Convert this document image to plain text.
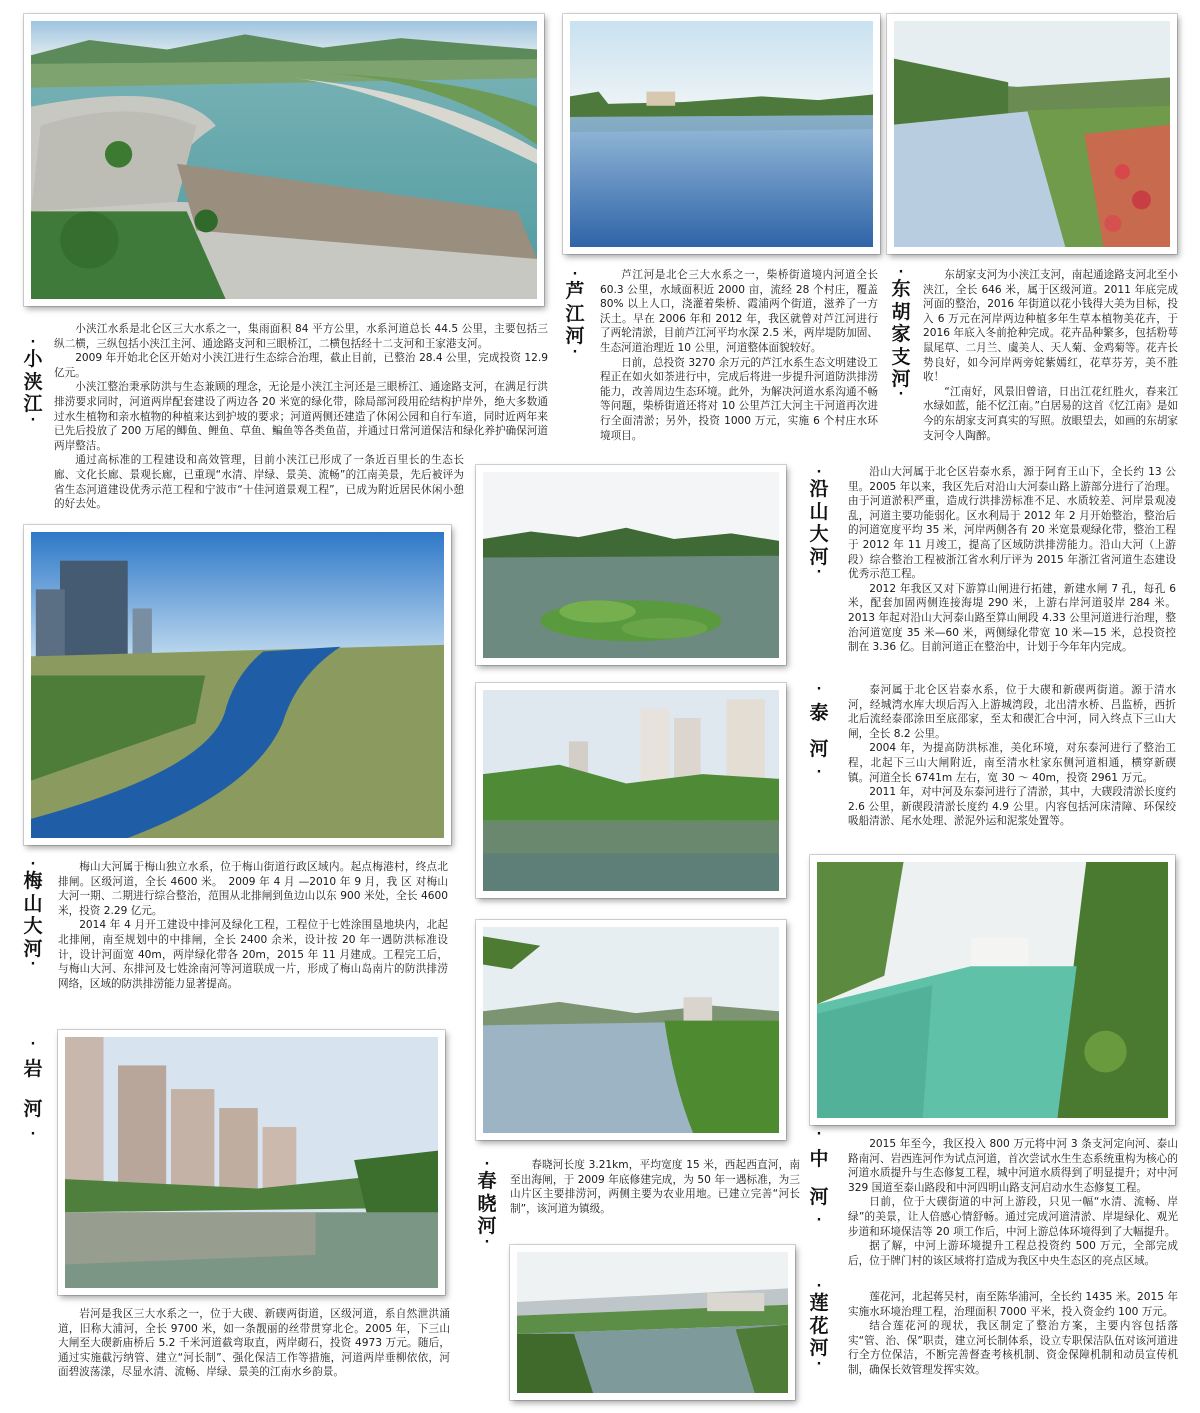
·
小浃江
·
·
芦江河
·
·
东胡家支河
·
·
沿山大河
·
·
泰河
·
·
梅山大河
·
·
岩河
·
·
春晓河
·
·
中河
·
·
莲花河
·

小浃江水系是北仑区三大水系之一，集雨面积 84 平方公里，水系河道总长 44.5 公里，主要包括三纵二横，三纵包括小浃江主河、通途路支河和三眼桥江，二横包括经十二支河和王家港支河。

2009 年开始北仑区开始对小浃江进行生态综合治理，截止目前，已整治 28.4 公里，完成投资 12.9 亿元。

小浃江整治秉承防洪与生态兼顾的理念，无论是小浃江主河还是三眼桥江、通途路支河，在满足行洪排涝要求同时，河道两岸配套建设了两边各 20 米宽的绿化带，除局部河段用砼结构护岸外，绝大多数通过水生植物和亲水植物的种植来达到护坡的要求；河道两侧还建造了休闲公园和自行车道，同时近两年来已先后投放了 200 万尾的鲫鱼、鲤鱼、草鱼、鳊鱼等各类鱼苗，并通过日常河道保洁和绿化养护确保河道两岸整洁。

通过高标准的工程建设和高效管理，目前小浃江已形成了一条近百里长的生态长廊、文化长廊、景观长廊，已重现“水清、岸绿、景美、流畅”的江南美景，先后被评为省生态河道建设优秀示范工程和宁波市“十佳河道景观工程”，已成为附近居民休闲小憩的好去处。

芦江河是北仑三大水系之一，柴桥街道境内河道全长 60.3 公里，水域面积近 2000 亩，流经 28 个村庄，覆盖 80% 以上人口，浇灌着柴桥、霞浦两个街道，滋养了一方沃土。早在 2006 年和 2012 年，我区就曾对芦江河进行了两轮清淤，目前芦江河平均水深 2.5 米，两岸堤防加固、生态河道治理近 10 公里，河道整体面貌较好。

日前，总投资 3270 余万元的芦江水系生态文明建设工程正在如火如荼进行中，完成后将进一步提升河道防洪排涝能力，改善周边生态环境。此外，为解决河道水系沟通不畅等问题，柴桥街道还将对 10 公里芦江大河主干河道再次进行全面清淤；另外，投资 1000 万元，实施 6 个村庄水环境项目。

东胡家支河为小浃江支河，南起通途路支河北至小浃江，全长 646 米，属于区级河道。2011 年底完成河面的整治，2016 年街道以花小钱得大美为目标，投入 6 万元在河岸两边种植多年生草本植物美花卉，于 2016 年底入冬前抢种完成。花卉品种繁多，包括粉萼鼠尾草、二月兰、虞美人、天人菊、金鸡菊等。花卉长势良好，如今河岸两旁姹紫嫣红，花草芬芳，美不胜收！

“江南好，风景旧曾谙，日出江花红胜火，春来江水绿如蓝，能不忆江南。”白居易的这首《忆江南》是如今的东胡家支河真实的写照。放眼望去，如画的东胡家支河令人陶醉。

沿山大河属于北仑区岩泰水系，源于阿育王山下，全长约 13 公里。2005 年以来，我区先后对沿山大河泰山路上游部分进行了治理。由于河道淤积严重，造成行洪排涝标准不足、水质较差、河岸景观凌乱，河道主要功能弱化。区水利局于 2012 年 2 月开始整治，整治后的河道宽度平均 35 米，河岸两侧各有 20 米宽景观绿化带，整治工程于 2012 年 11 月竣工，提高了区域防洪排涝能力。沿山大河（上游段）综合整治工程被浙江省水利厅评为 2015 年浙江省河道生态建设优秀示范工程。

2012 年我区又对下游算山闸进行拓建，新建水闸 7 孔，每孔 6 米，配套加固两侧连接海堤 290 米，上游右岸河道驳岸 284 米。2013 年起对沿山大河泰山路至算山闸段 4.33 公里河道进行治理，整治河道宽度 35 米—60 米，两侧绿化带宽 10 米—15 米，总投资控制在 3.36 亿。目前河道正在整治中，计划于今年年内完成。

泰河属于北仑区岩泰水系，位于大碶和新碶两街道。源于清水河，经城湾水库大坝后泻入上游城湾段，北出清水桥、吕监桥，西折北后流经泰邵涂田至底邵家，至太和碶汇合中河，同入终点下三山大闸，全长 8.2 公里。

2004 年，为提高防洪标准，美化环境，对东泰河进行了整治工程，北起下三山大闸附近，南至清水杜家东侧河道相通，横穿新碶镇。河道全长 6741m 左右，宽 30 ～ 40m，投资 2961 万元。

2011 年，对中河及东泰河进行了清淤，其中，大碶段清淤长度约 2.6 公里，新碶段清淤长度约 4.9 公里。内容包括河床清障、环保绞吸船清淤、尾水处理、淤泥外运和泥浆处置等。

梅山大河属于梅山独立水系，位于梅山街道行政区域内。起点梅港村，终点北排闸。区级河道，全长 4600 米。　2009 年 4 月 —2010 年 9 月，我 区 对梅山大河一期、二期进行综合整治，范围从北排闸到鱼边山以东 900 米处，全长 4600 米，投资 2.29 亿元。

2014 年 4 月开工建设中排河及绿化工程，工程位于七姓涂围垦地块内，北起北排闸，南至规划中的中排闸，全长 2400 余米，设计按 20 年一遇防洪标准设计，设计河面宽 40m，两岸绿化带各 20m，2015 年 11 月建成。工程完工后，与梅山大河、东排河及七姓涂南河等河道联成一片，形成了梅山岛南片的防洪排涝网络，区域的防洪排涝能力显著提高。

岩河是我区三大水系之一，位于大碶、新碶两街道，区级河道，系自然泄洪涌道，旧称大浦河，全长 9700 米，如一条靓丽的丝带贯穿北仑。2005 年，下三山大闸至大碶新庙桥后 5.2 千米河道截弯取直，两岸砌石，投资 4973 万元。随后，通过实施截污纳管、建立“河长制”、强化保洁工作等措施，河道两岸垂柳依依，河面碧波荡漾，尽显水清、流畅、岸绿、景美的江南水乡韵景。

春晓河长度 3.21km，平均宽度 15 米，西起西直河，南至出海闸，于 2009 年底修建完成，为 50 年一遇标准，为三山片区主要排涝河，两侧主要为农业用地。已建立完善“河长制”，该河道为镇级。

2015 年至今，我区投入 800 万元将中河 3 条支河定向河、泰山路南河、岩西连河作为试点河道，首次尝试水生生态系统重构为核心的河道水质提升与生态修复工程，城中河道水质得到了明显提升；对中河 329 国道至泰山路段和中河四明山路支河启动水生态修复工程。

日前，位于大碶街道的中河上游段，只见一幅“水清、流畅、岸绿”的美景，让人倍感心情舒畅。通过完成河道清淤、岸堤绿化、观光步道和环境保洁等 20 项工作后，中河上游总体环境得到了大幅提升。

据了解，中河上游环境提升工程总投资约 500 万元，全部完成后，位于牌门村的该区域将打造成为我区中央生态区的亮点区域。

莲花河，北起蒋吴村，南至陈华浦河，全长约 1435 米。2015 年实施水环境治理工程，治理面积 7000 平米，投入资金约 100 万元。

结合莲花河的现状，我区制定了整治方案，主要内容包括落实“管、治、保”职责，建立河长制体系，设立专职保洁队伍对该河道进行全方位保洁，不断完善督查考核机制、资金保障机制和动员宣传机制，确保长效管理发挥实效。
